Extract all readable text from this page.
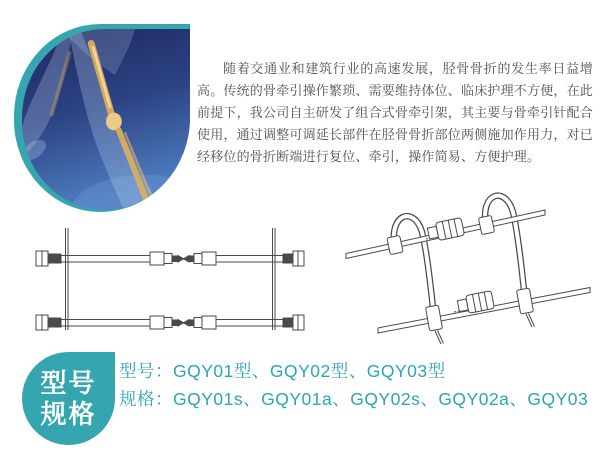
随着交通业和建筑行业的高速发展，胫骨骨折的发生率日益增高。传统的骨牵引操作繁琐、需要维持体位、临床护理不方便，在此前提下，我公司自主研发了组合式骨牵引架，其主要与骨牵引针配合使用，通过调整可调延长部件在胫骨骨折部位两侧施加作用力，对已经移位的骨折断端进行复位、牵引，操作简易、方便护理。

型号
规格
型号：GQY01型、GQY02型、GQY03型
规格：GQY01s、GQY01a、GQY02s、GQY02a、GQY03
